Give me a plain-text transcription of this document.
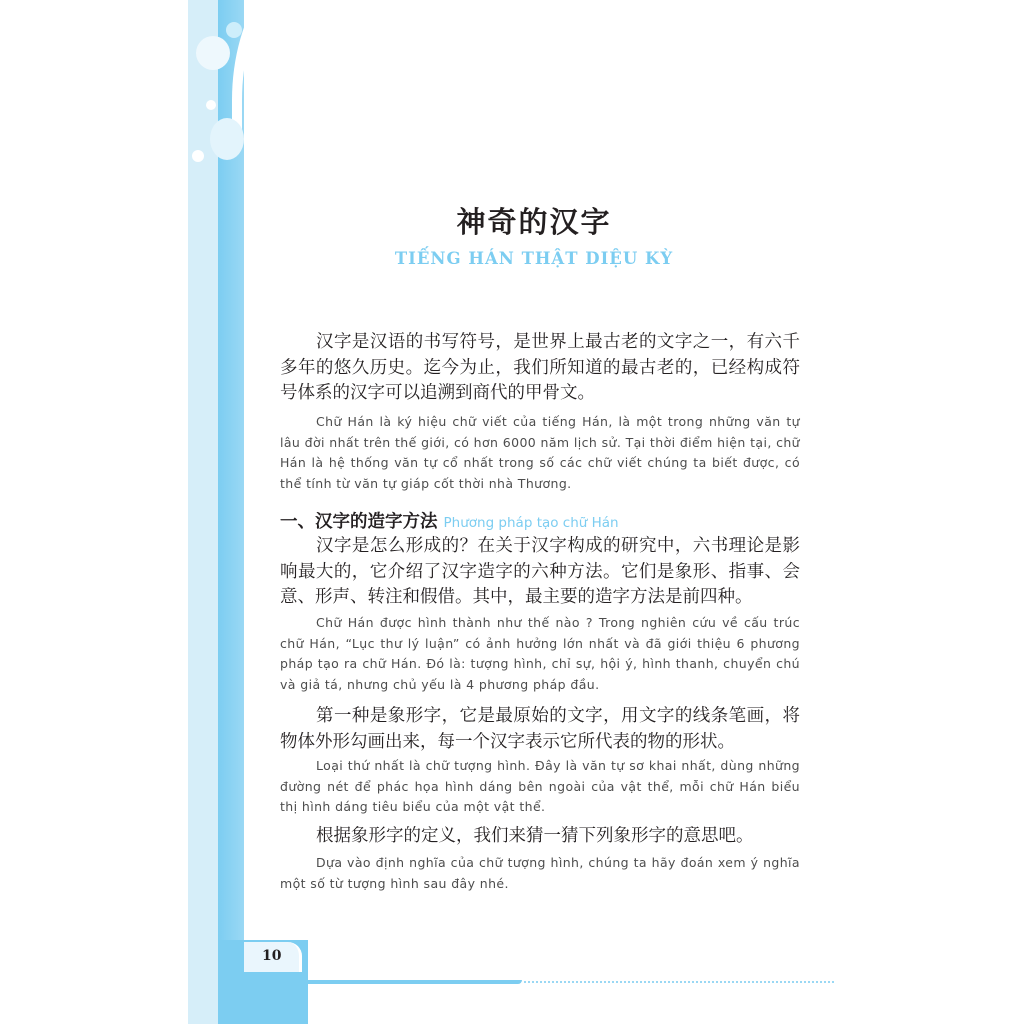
神奇的汉字
TIẾNG HÁN THẬT DIỆU KỲ

汉字是汉语的书写符号，是世界上最古老的文字之一，有六千多年的悠久历史。迄今为止，我们所知道的最古老的，已经构成符号体系的汉字可以追溯到商代的甲骨文。

Chữ Hán là ký hiệu chữ viết của tiếng Hán, là một trong những văn tự lâu đời nhất trên thế giới, có hơn 6000 năm lịch sử. Tại thời điểm hiện tại, chữ Hán là hệ thống văn tự cổ nhất trong số các chữ viết chúng ta biết được, có thể tính từ văn tự giáp cốt thời nhà Thương.

一、汉字的造字方法 Phương pháp tạo chữ Hán

汉字是怎么形成的？在关于汉字构成的研究中，六书理论是影响最大的，它介绍了汉字造字的六种方法。它们是象形、指事、会意、形声、转注和假借。其中，最主要的造字方法是前四种。

Chữ Hán được hình thành như thế nào ? Trong nghiên cứu về cấu trúc chữ Hán, “Lục thư lý luận” có ảnh hưởng lớn nhất và đã giới thiệu 6 phương pháp tạo ra chữ Hán. Đó là: tượng hình, chỉ sự, hội ý, hình thanh, chuyển chú và giả tá, nhưng chủ yếu là 4 phương pháp đầu.

第一种是象形字，它是最原始的文字，用文字的线条笔画，将物体外形勾画出来，每一个汉字表示它所代表的物的形状。

Loại thứ nhất là chữ tượng hình. Đây là văn tự sơ khai nhất, dùng những đường nét để phác họa hình dáng bên ngoài của vật thể, mỗi chữ Hán biểu thị hình dáng tiêu biểu của một vật thể.

根据象形字的定义，我们来猜一猜下列象形字的意思吧。

Dựa vào định nghĩa của chữ tượng hình, chúng ta hãy đoán xem ý nghĩa một số từ tượng hình sau đây nhé.

10
